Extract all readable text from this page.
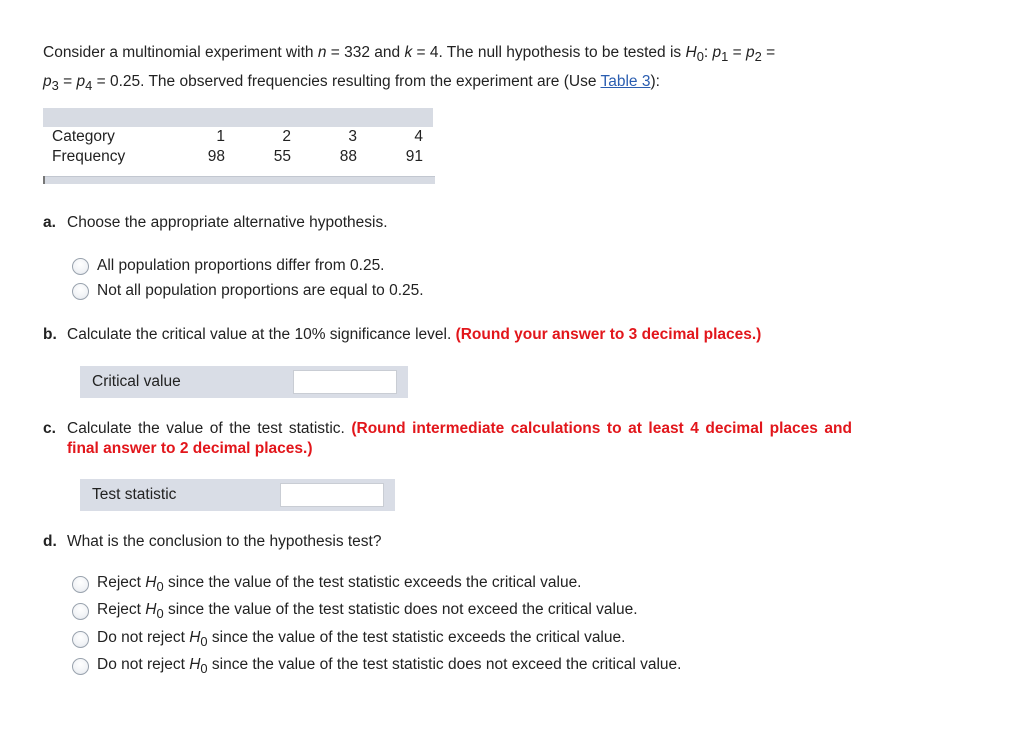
Consider a multinomial experiment with n = 332 and k = 4. The null hypothesis to be tested is $H_0$: $p_1 = p_2$ =
$p_3 = p_4 = 0.25$. The observed frequencies resulting from the experiment are (Use Table 3):
Category	1	2	3	4
Frequency	98	55	88	91
a. Choose the appropriate alternative hypothesis.
All population proportions differ from 0.25.
Not all population proportions are equal to 0.25.
b. Calculate the critical value at the 10% significance level. (Round your answer to 3 decimal places.)
Critical value
c. Calculate the value of the test statistic. (Round intermediate calculations to at least 4 decimal places and final answer to 2 decimal places.)
Test statistic
d. What is the conclusion to the hypothesis test?
Reject $H_0$ since the value of the test statistic exceeds the critical value.
Reject $H_0$ since the value of the test statistic does not exceed the critical value.
Do not reject $H_0$ since the value of the test statistic exceeds the critical value.
Do not reject $H_0$ since the value of the test statistic does not exceed the critical value.
